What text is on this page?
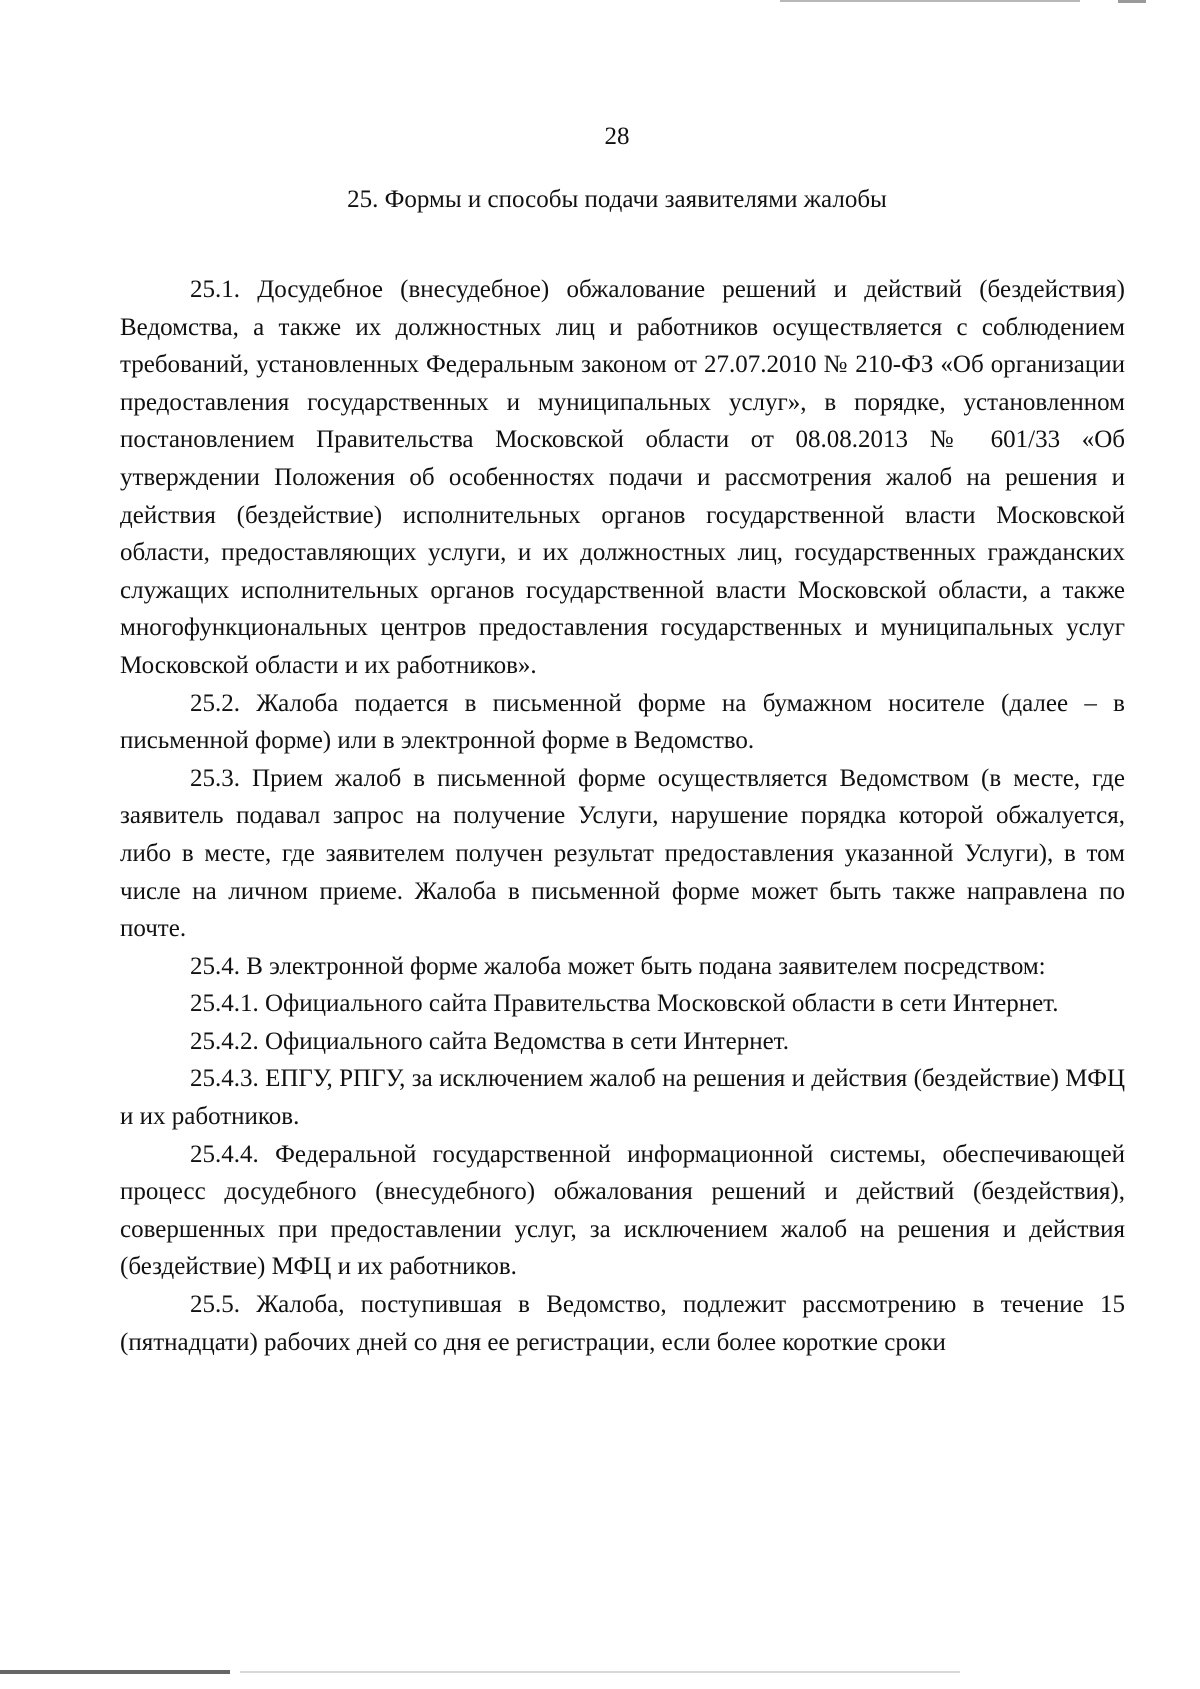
28
25. Формы и способы подачи заявителями жалобы

25.1. Досудебное (внесудебное) обжалование решений и действий (бездействия) Ведомства, а также их должностных лиц и работников осуществляется с соблюдением требований, установленных Федеральным законом от 27.07.2010 № 210-ФЗ «Об организации предоставления государственных и муниципальных услуг», в порядке, установленном постановлением Правительства Московской области от 08.08.2013 № 601/33 «Об утверждении Положения об особенностях подачи и рассмотрения жалоб на решения и действия (бездействие) исполнительных органов государственной власти Московской области, предоставляющих услуги, и их должностных лиц, государственных гражданских служащих исполнительных органов государственной власти Московской области, а также многофункциональных центров предоставления государственных и муниципальных услуг Московской области и их работников».

25.2. Жалоба подается в письменной форме на бумажном носителе (далее – в письменной форме) или в электронной форме в Ведомство.

25.3. Прием жалоб в письменной форме осуществляется Ведомством (в месте, где заявитель подавал запрос на получение Услуги, нарушение порядка которой обжалуется, либо в месте, где заявителем получен результат предоставления указанной Услуги), в том числе на личном приеме. Жалоба в письменной форме может быть также направлена по почте.

25.4. В электронной форме жалоба может быть подана заявителем посредством:

25.4.1. Официального сайта Правительства Московской области в сети Интернет.

25.4.2. Официального сайта Ведомства в сети Интернет.

25.4.3. ЕПГУ, РПГУ, за исключением жалоб на решения и действия (бездействие) МФЦ и их работников.

25.4.4. Федеральной государственной информационной системы, обеспечивающей процесс досудебного (внесудебного) обжалования решений и действий (бездействия), совершенных при предоставлении услуг, за исключением жалоб на решения и действия (бездействие) МФЦ и их работников.

25.5. Жалоба, поступившая в Ведомство, подлежит рассмотрению в течение 15 (пятнадцати) рабочих дней со дня ее регистрации, если более короткие сроки
